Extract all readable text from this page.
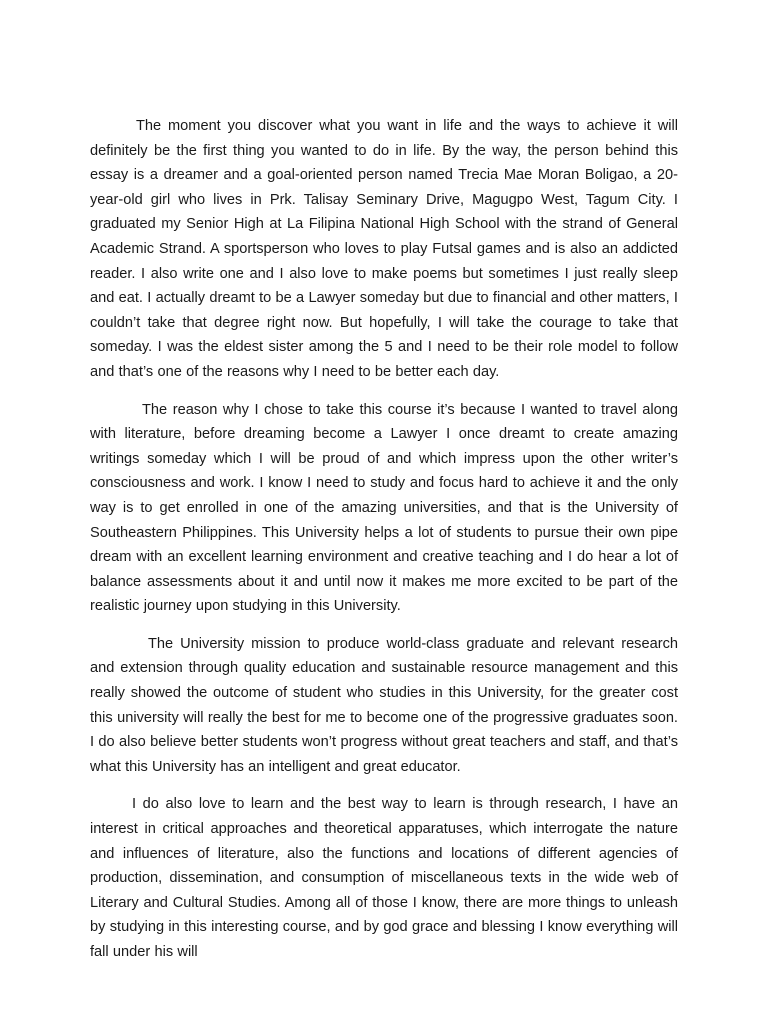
The moment you discover what you want in life and the ways to achieve it will definitely be the first thing you wanted to do in life. By the way, the person behind this essay is a dreamer and a goal-oriented person named Trecia Mae Moran Boligao, a 20-year-old girl who lives in Prk. Talisay Seminary Drive, Magugpo West, Tagum City. I graduated my Senior High at La Filipina National High School with the strand of General Academic Strand. A sportsperson who loves to play Futsal games and is also an addicted reader. I also write one and I also love to make poems but sometimes I just really sleep and eat. I actually dreamt to be a Lawyer someday but due to financial and other matters, I couldn’t take that degree right now. But hopefully, I will take the courage to take that someday. I was the eldest sister among the 5 and I need to be their role model to follow and that’s one of the reasons why I need to be better each day.

The reason why I chose to take this course it’s because I wanted to travel along with literature, before dreaming become a Lawyer I once dreamt to create amazing writings someday which I will be proud of and which impress upon the other writer’s consciousness and work. I know I need to study and focus hard to achieve it and the only way is to get enrolled in one of the amazing universities, and that is the University of Southeastern Philippines. This University helps a lot of students to pursue their own pipe dream with an excellent learning environment and creative teaching and I do hear a lot of balance assessments about it and until now it makes me more excited to be part of the realistic journey upon studying in this University.

The University mission to produce world-class graduate and relevant research and extension through quality education and sustainable resource management and this really showed the outcome of student who studies in this University, for the greater cost this university will really the best for me to become one of the progressive graduates soon. I do also believe better students won’t progress without great teachers and staff, and that’s what this University has an intelligent and great educator.

I do also love to learn and the best way to learn is through research, I have an interest in critical approaches and theoretical apparatuses, which interrogate the nature and influences of literature, also the functions and locations of different agencies of production, dissemination, and consumption of miscellaneous texts in the wide web of Literary and Cultural Studies. Among all of those I know, there are more things to unleash by studying in this interesting course, and by god grace and blessing I know everything will fall under his will
